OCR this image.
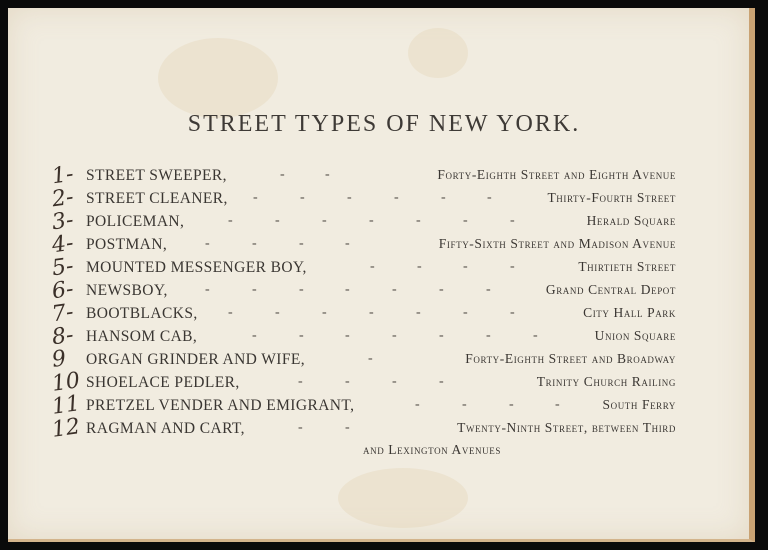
STREET TYPES OF NEW YORK.
1- STREET SWEEPER,	-	-	Forty-Eighth Street and Eighth Avenue
2- STREET CLEANER, -	-	-	-	-	-	Thirty-Fourth Street
3- POLICEMAN,	-	-	-	-	-	-	-	Herald Square
4- POSTMAN,	-	-	-	-	Fifty-Sixth Street and Madison Avenue
5- MOUNTED MESSENGER BOY,	-	-	-	-	Thirtieth Street
6- NEWSBOY,	-	-	-	-	-	-	-	Grand Central Depot
7- BOOTBLACKS, -	-	-	-	-	-	-	City Hall Park
8- HANSOM CAB,	-	-	-	-	-	-	-	Union Square
9 ORGAN GRINDER AND WIFE,	-	Forty-Eighth Street and Broadway
10 SHOELACE PEDLER,	-	-	-	-	Trinity Church Railing
11 PRETZEL VENDER AND EMIGRANT,	-	-	-	-	South Ferry
12 RAGMAN AND CART,	-	-	Twenty-Ninth Street, between Third
and Lexington Avenues
